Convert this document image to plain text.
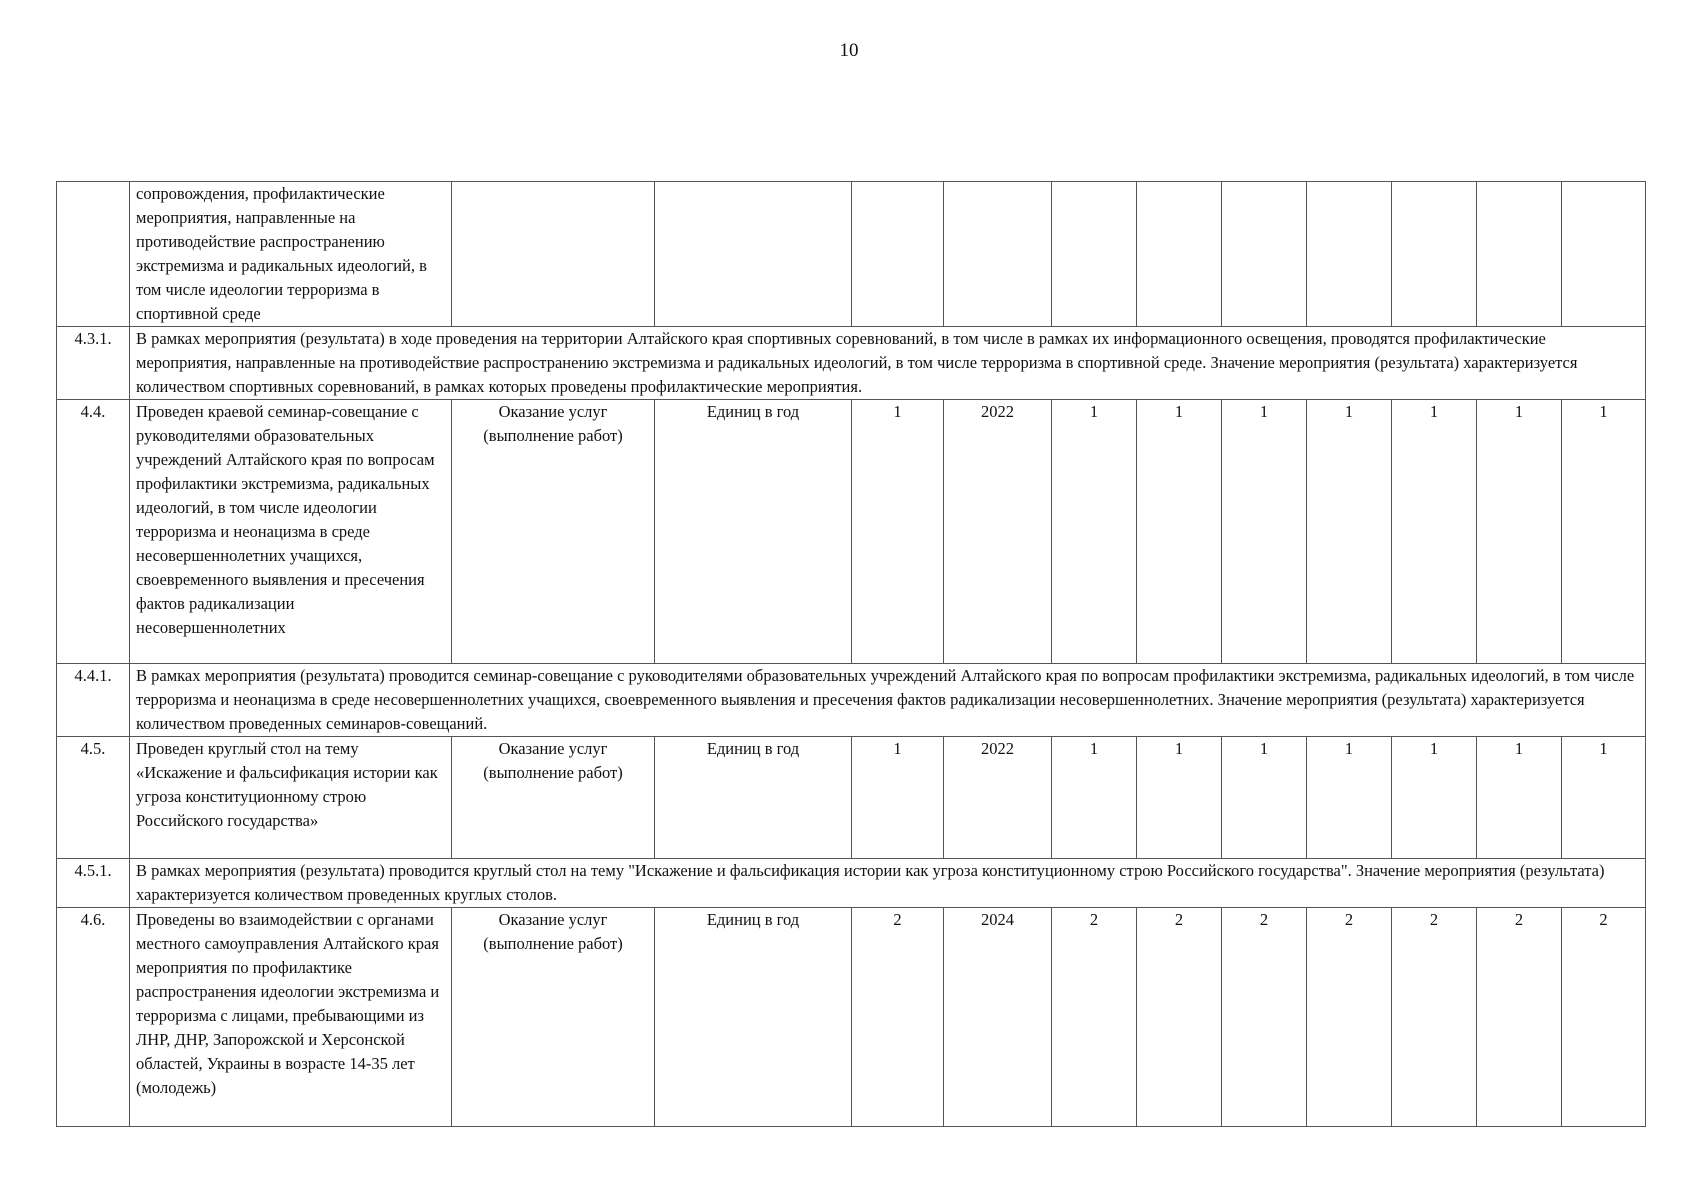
10
	сопровождения, профилактические мероприятия, направленные на противодействие распространению экстремизма и радикальных идеологий, в том числе идеологии терроризма в спортивной среде											
4.3.1.	В рамках мероприятия (результата) в ходе проведения на территории Алтайского края спортивных соревнований, в том числе в рамках их информационного освещения, проводятся профилактические мероприятия, направленные на противодействие распространению экстремизма и радикальных идеологий, в том числе терроризма в спортивной среде. Значение мероприятия (результата) характеризуется количеством спортивных соревнований, в рамках которых проведены профилактические мероприятия.											
4.4.	Проведен краевой семинар-совещание с руководителями образовательных учреждений Алтайского края по вопросам профилактики экстремизма, радикальных идеологий, в том числе идеологии терроризма и неонацизма в среде несовершеннолетних учащихся, своевременного выявления и пресечения фактов радикализации несовершеннолетних	Оказание услуг (выполнение работ)	Единиц в год	1	2022	1	1	1	1	1	1	1
4.4.1.	В рамках мероприятия (результата) проводится семинар-совещание с руководителями образовательных учреждений Алтайского края по вопросам профилактики экстремизма, радикальных идеологий, в том числе терроризма и неонацизма в среде несовершеннолетних учащихся, своевременного выявления и пресечения фактов радикализации несовершеннолетних. Значение мероприятия (результата) характеризуется количеством проведенных семинаров-совещаний.											
4.5.	Проведен круглый стол на тему «Искажение и фальсификация истории как угроза конституционному строю Российского государства»	Оказание услуг (выполнение работ)	Единиц в год	1	2022	1	1	1	1	1	1	1
4.5.1.	В рамках мероприятия (результата) проводится круглый стол на тему "Искажение и фальсификация истории как угроза конституционному строю Российского государства". Значение мероприятия (результата) характеризуется количеством проведенных круглых столов.											
4.6.	Проведены во взаимодействии с органами местного самоуправления Алтайского края мероприятия по профилактике распространения идеологии экстремизма и терроризма с лицами, пребывающими из ЛНР, ДНР, Запорожской и Херсонской областей, Украины в возрасте 14-35 лет (молодежь)	Оказание услуг (выполнение работ)	Единиц в год	2	2024	2	2	2	2	2	2	2
